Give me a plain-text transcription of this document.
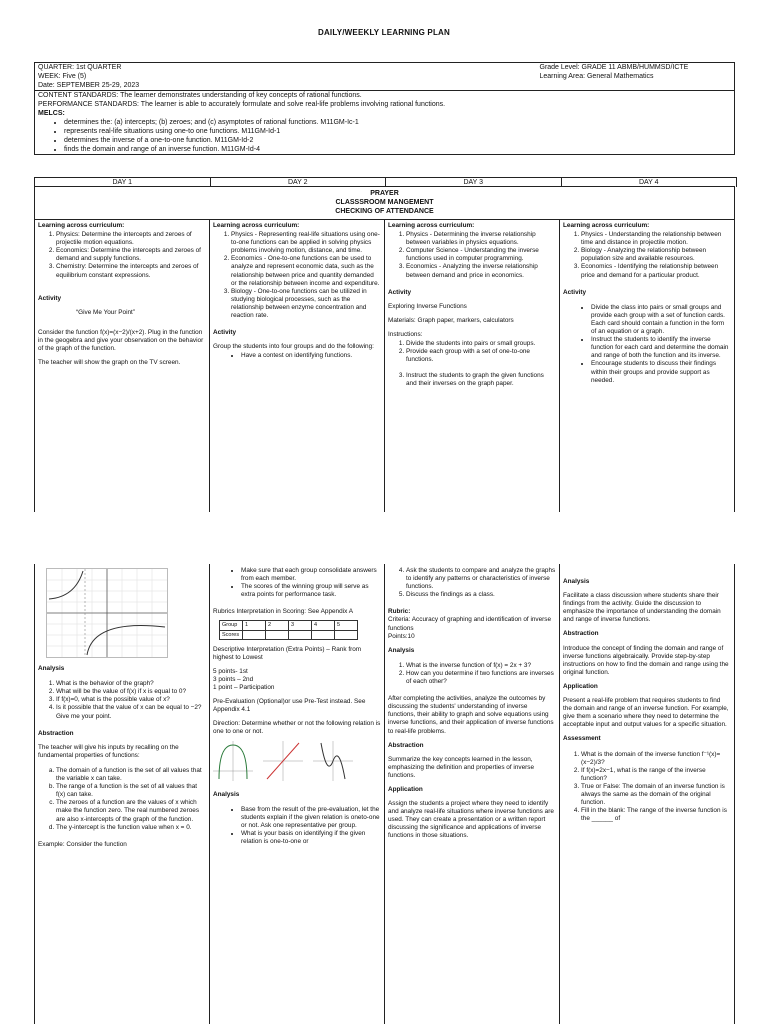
DAILY/WEEKLY LEARNING PLAN
QUARTER: 1st QUARTER
WEEK: Five (5)
Date: SEPTEMBER 25-29, 2023

Grade Level: GRADE 11 ABMB/HUMMSD/ICTE
Learning Area: General Mathematics

CONTENT STANDARDS: The learner demonstrates understanding of key concepts of rational functions.
PERFORMANCE STANDARDS: The learner is able to accurately formulate and solve real-life problems involving rational functions.
MELCS:
• determines the: (a) intercepts; (b) zeroes; and (c) asymptotes of rational functions. M11GM-Ic-1
• represents real-life situations using one-to one functions. M11GM-Id-1
• determines the inverse of a one-to-one function. M11GM-Id-2
• finds the domain and range of an inverse function. M11GM-Id-4
DAY 1	DAY 2	DAY 3	DAY 4
PRAYER
CLASSSROOM MANGEMENT
CHECKING OF ATTENDANCE
Learning across curriculum:
1. Physics: Determine the intercepts and zeroes of projectile motion equations.
2. Economics: Determine the intercepts and zeroes of demand and supply functions.
3. Chemistry: Determine the intercepts and zeroes of equilibrium constant expressions.
Activity
“Give Me Your Point”
Consider the function f(x)=(x−2)/(x+2). Plug in the function in the geogebra and give your observation on the behavior of the graph of the function.
The teacher will show the graph on the TV screen.
Learning across curriculum:
1. Physics - Representing real-life situations using one-to-one functions can be applied in solving physics problems involving motion, distance, and time.
2. Economics - One-to-one functions can be used to analyze and represent economic data, such as the relationship between price and quantity demanded or the relationship between income and expenditure.
3. Biology - One-to-one functions can be utilized in studying biological processes, such as the relationship between enzyme concentration and reaction rate.
Activity
Group the students into four groups and do the following:
• Have a contest on identifying functions.
Learning across curriculum:
1. Physics - Determining the inverse relationship between variables in physics equations.
2. Computer Science - Understanding the inverse functions used in computer programming.
3. Economics - Analyzing the inverse relationship between demand and price in economics.
Activity
Exploring Inverse Functions
Materials: Graph paper, markers, calculators
Instructions:
1. Divide the students into pairs or small groups.
2. Provide each group with a set of one-to-one functions.
3. Instruct the students to graph the given functions and their inverses on the graph paper.
Learning across curriculum:
1. Physics - Understanding the relationship between time and distance in projectile motion.
2. Biology - Analyzing the relationship between population size and available resources.
3. Economics - Identifying the relationship between price and demand for a particular product.
Activity
• Divide the class into pairs or small groups and provide each group with a set of function cards. Each card should contain a function in the form of an equation or a graph.
• Instruct the students to identify the inverse function for each card and determine the domain and range of both the function and its inverse.
• Encourage students to discuss their findings within their groups and provide support as needed.
Analysis
1. What is the behavior of the graph?
2. What will be the value of f(x) if x is equal to 0?
3. If f(x)=0, what is the possible value of x?
4. Is it possible that the value of x can be equal to −2? Give me your point.
Abstraction
The teacher will give his inputs by recalling on the fundamental properties of functions:
a. The domain of a function is the set of all values that the variable x can take.
b. The range of a function is the set of all values that f(x) can take.
c. The zeroes of a function are the values of x which make the function zero. The real numbered zeroes are also x-intercepts of the graph of the function.
d. The y-intercept is the function value when x = 0.
Example: Consider the function
• Make sure that each group consolidate answers from each member.
• The scores of the winning group will serve as extra points for performance task.
Rubrics Interpretation in Scoring: See Appendix A
Group	1	2	3	4	5
Scores					
Descriptive Interpretation (Extra Points) – Rank from highest to Lowest
5 points- 1st
3 points – 2nd
1 point – Participation
Pre-Evaluation (Optional)or use Pre-Test instead. See Appendix 4.1
Direction: Determine whether or not the following relation is one to one or not.
Analysis
• Base from the result of the pre-evaluation, let the students explain if the given relation is oneto-one or not. Ask one representative per group.
• What is your basis on identifying if the given relation is one-to-one or
4. Ask the students to compare and analyze the graphs to identify any patterns or characteristics of inverse functions.
5. Discuss the findings as a class.
Rubric:
Criteria: Accuracy of graphing and identification of inverse functions
Points:10
Analysis
1. What is the inverse function of f(x) = 2x + 3?
2. How can you determine if two functions are inverses of each other?
After completing the activities, analyze the outcomes by discussing the students' understanding of inverse functions, their ability to graph and solve equations using inverse functions, and their application of inverse functions to real-life problems.
Abstraction
Summarize the key concepts learned in the lesson, emphasizing the definition and properties of inverse functions.
Application
Assign the students a project where they need to identify and analyze real-life situations where inverse functions are used. They can create a presentation or a written report discussing the significance and applications of inverse functions in those situations.
Analysis
Facilitate a class discussion where students share their findings from the activity. Guide the discussion to emphasize the importance of understanding the domain and range of inverse functions.
Abstraction
Introduce the concept of finding the domain and range of inverse functions algebraically. Provide step-by-step instructions on how to find the domain and range using the original function.
Application
Present a real-life problem that requires students to find the domain and range of an inverse function. For example, give them a scenario where they need to determine the acceptable input and output values for a specific situation.
Assessment
1. What is the domain of the inverse function f⁻¹(x)=(x−2)/3?
2. If f(x)=2x−1, what is the range of the inverse function?
3. True or False: The domain of an inverse function is always the same as the domain of the original function.
4. Fill in the blank: The range of the inverse function is the ______ of
